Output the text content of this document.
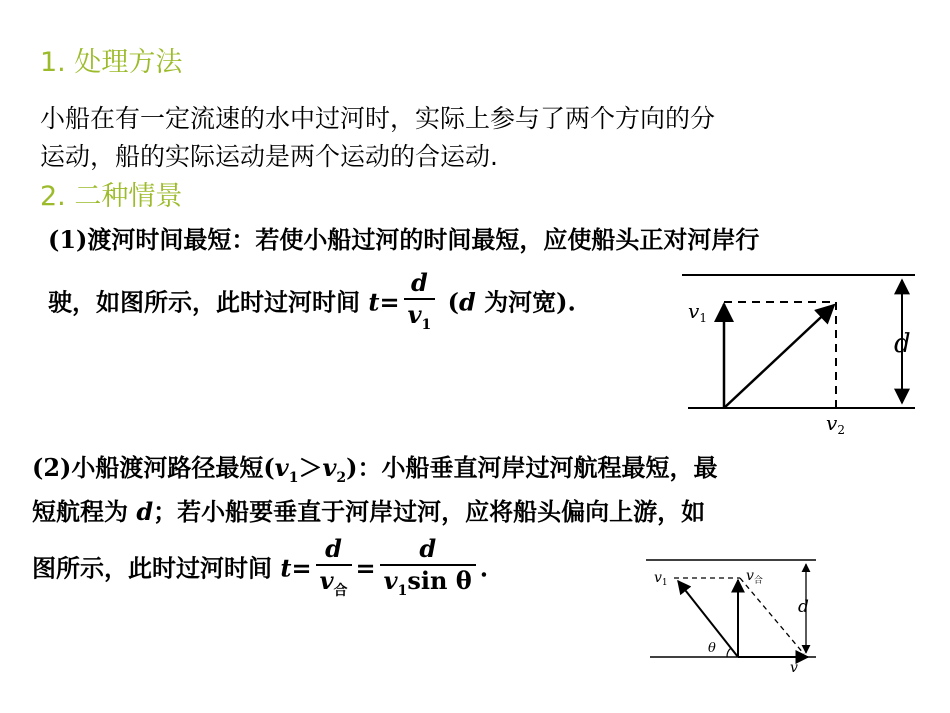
1. 处理方法
小船在有一定流速的水中过河时，实际上参与了两个方向的分
运动，船的实际运动是两个运动的合运动.
2. 二种情景
(1)渡河时间最短：若使小船过河的时间最短，应使船头正对河岸行
驶，如图所示，此时过河时间 $t= \frac{d}{v_1} (d$ 为河宽).	$v_1$
$v_2$
d
(2)小船渡河路径最短$(v_1>v_2)$：小船垂直河岸过河航程最短，最
短航程为 d；若小船要垂直于河岸过河，应将船头偏向上游，如
图所示，此时过河时间 $t= \frac{d}{v_合} = \frac{d}{v_1\sin \theta}$ .	$v_1$	$v_合$
d
θ
v
